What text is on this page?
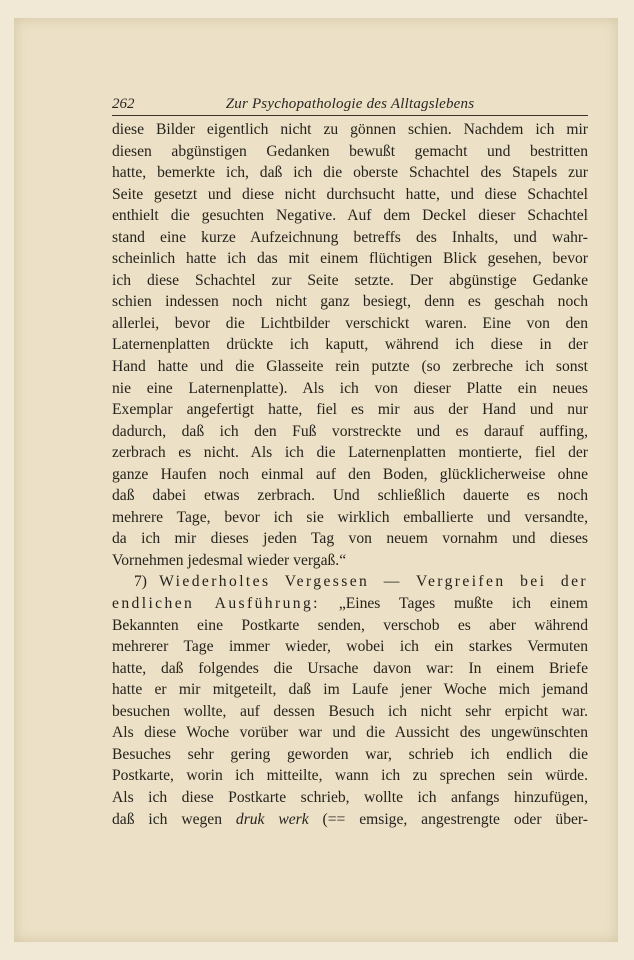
262	Zur Psychopathologie des Alltagslebens
diese Bilder eigentlich nicht zu gönnen schien. Nachdem ich mir
diesen abgünstigen Gedanken bewußt gemacht und bestritten
hatte, bemerkte ich, daß ich die oberste Schachtel des Stapels zur
Seite gesetzt und diese nicht durchsucht hatte, und diese Schachtel
enthielt die gesuchten Negative. Auf dem Deckel dieser Schachtel
stand eine kurze Aufzeichnung betreffs des Inhalts, und wahr-
scheinlich hatte ich das mit einem flüchtigen Blick gesehen, bevor
ich diese Schachtel zur Seite setzte. Der abgünstige Gedanke
schien indessen noch nicht ganz besiegt, denn es geschah noch
allerlei, bevor die Lichtbilder verschickt waren. Eine von den
Laternenplatten drückte ich kaputt, während ich diese in der
Hand hatte und die Glasseite rein putzte (so zerbreche ich sonst
nie eine Laternenplatte). Als ich von dieser Platte ein neues
Exemplar angefertigt hatte, fiel es mir aus der Hand und nur
dadurch, daß ich den Fuß vorstreckte und es darauf auffing,
zerbrach es nicht. Als ich die Laternenplatten montierte, fiel der
ganze Haufen noch einmal auf den Boden, glücklicherweise ohne
daß dabei etwas zerbrach. Und schließlich dauerte es noch
mehrere Tage, bevor ich sie wirklich emballierte und versandte,
da ich mir dieses jeden Tag von neuem vornahm und dieses
Vornehmen jedesmal wieder vergaß.“
7) Wiederholtes Vergessen — Vergreifen bei der
endlichen Ausführung: „Eines Tages mußte ich einem
Bekannten eine Postkarte senden, verschob es aber während
mehrerer Tage immer wieder, wobei ich ein starkes Vermuten
hatte, daß folgendes die Ursache davon war: In einem Briefe
hatte er mir mitgeteilt, daß im Laufe jener Woche mich jemand
besuchen wollte, auf dessen Besuch ich nicht sehr erpicht war.
Als diese Woche vorüber war und die Aussicht des ungewünschten
Besuches sehr gering geworden war, schrieb ich endlich die
Postkarte, worin ich mitteilte, wann ich zu sprechen sein würde.
Als ich diese Postkarte schrieb, wollte ich anfangs hinzufügen,
daß ich wegen druk werk (== emsige, angestrengte oder über-
